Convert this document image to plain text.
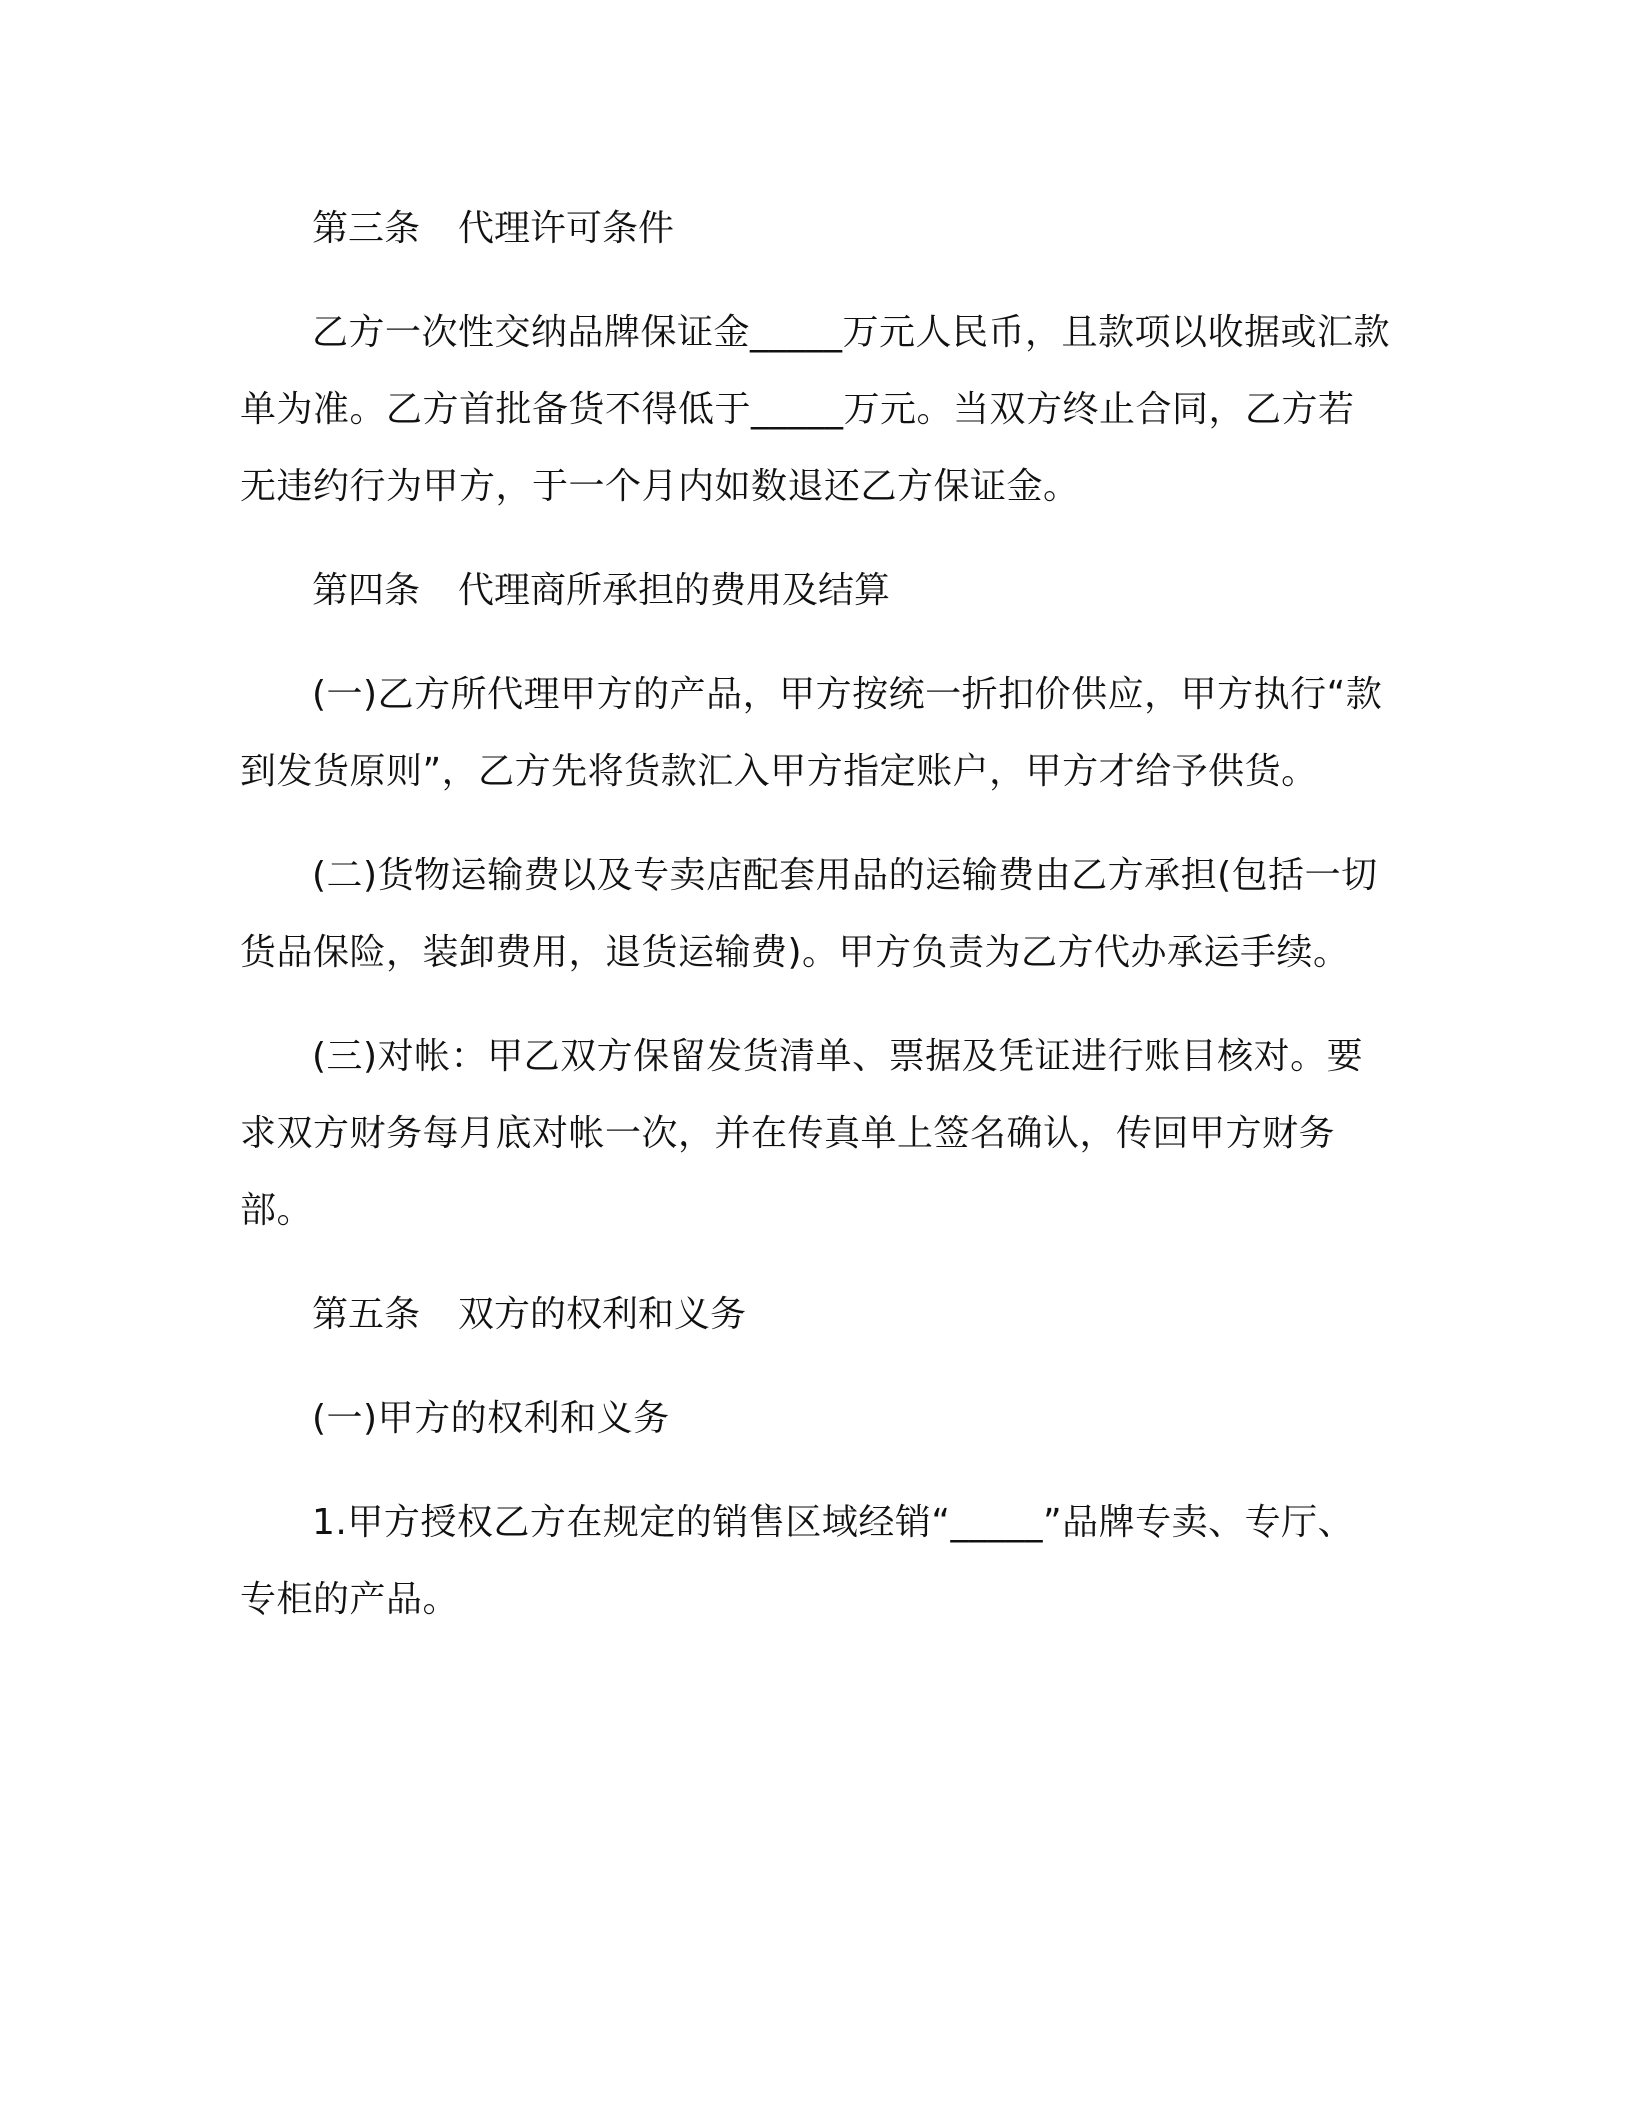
第三条 代理许可条件

乙方一次性交纳品牌保证金_____万元人民币，且款项以收据或汇款单为准。乙方首批备货不得低于_____万元。当双方终止合同，乙方若无违约行为甲方，于一个月内如数退还乙方保证金。

第四条 代理商所承担的费用及结算

(一)乙方所代理甲方的产品，甲方按统一折扣价供应，甲方执行“款到发货原则”，乙方先将货款汇入甲方指定账户，甲方才给予供货。

(二)货物运输费以及专卖店配套用品的运输费由乙方承担(包括一切货品保险，装卸费用，退货运输费)。甲方负责为乙方代办承运手续。

(三)对帐：甲乙双方保留发货清单、票据及凭证进行账目核对。要求双方财务每月底对帐一次，并在传真单上签名确认，传回甲方财务部。

第五条 双方的权利和义务

(一)甲方的权利和义务

1.甲方授权乙方在规定的销售区域经销“_____”品牌专卖、专厅、专柜的产品。
